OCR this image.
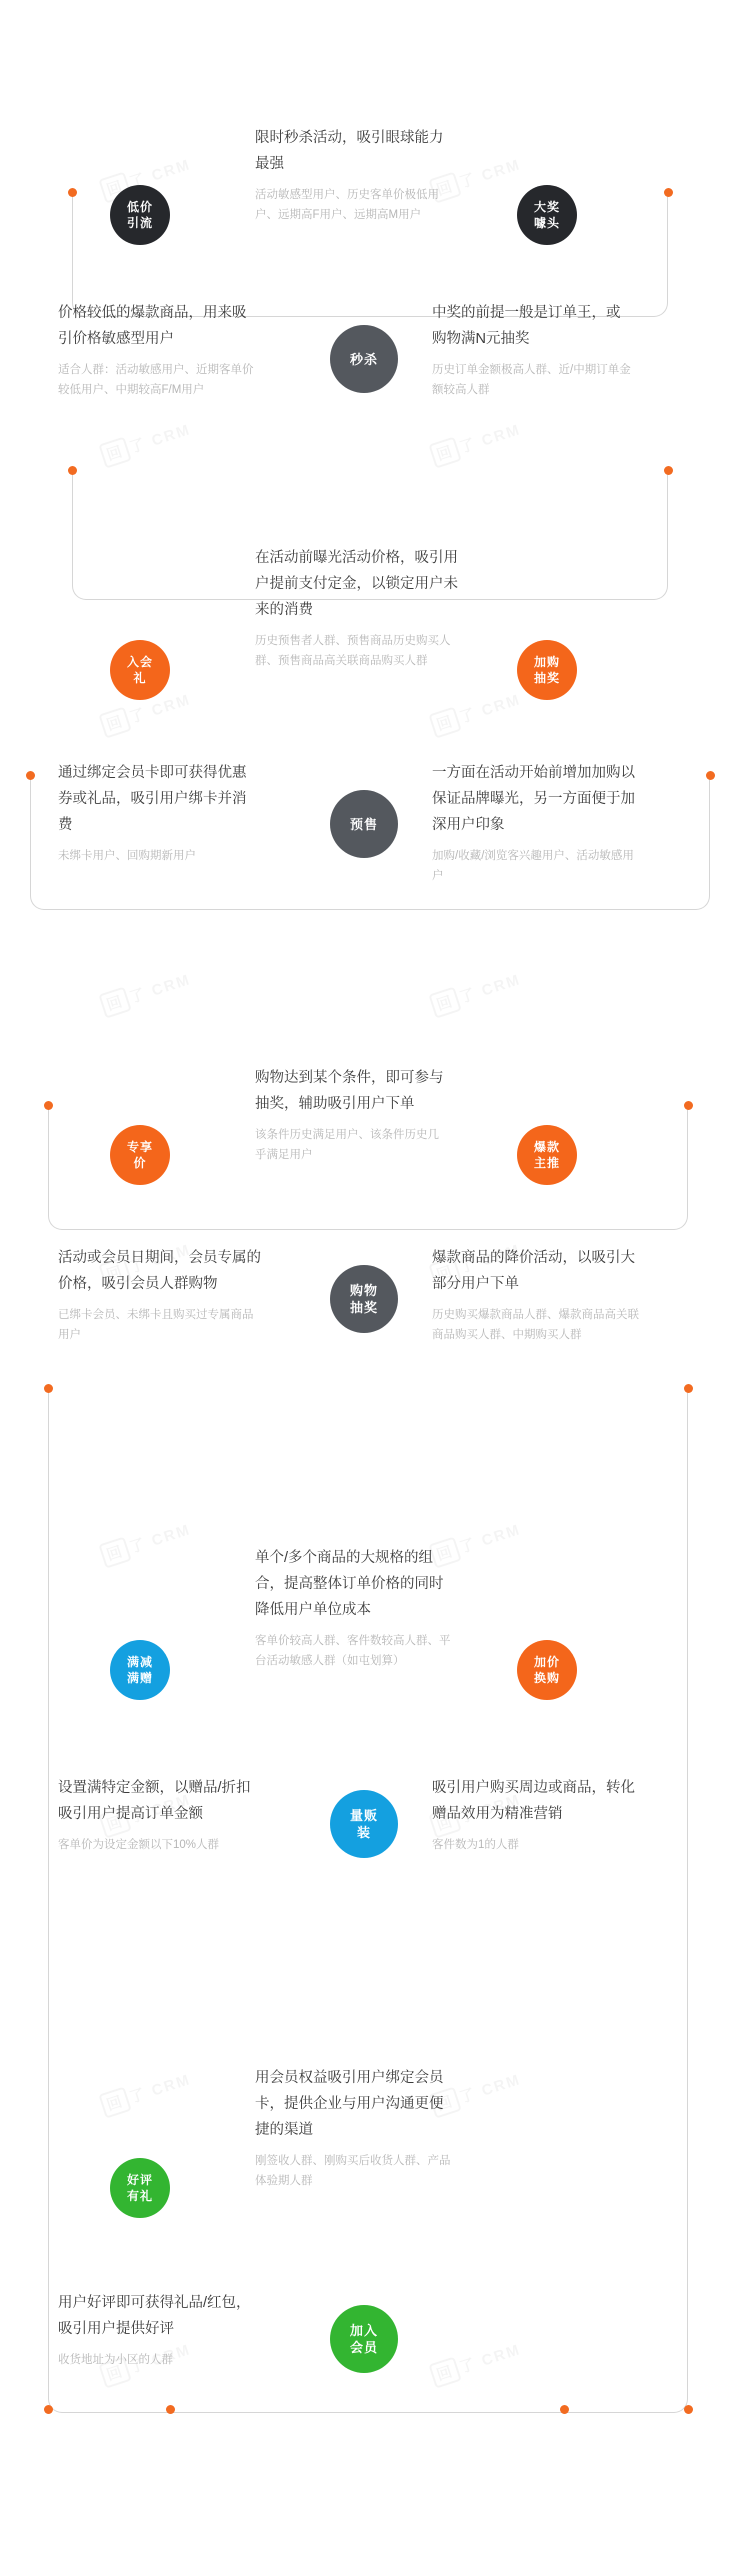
低价
引流
大奖
噱头
秒杀
限时秒杀活动，吸引眼球能力最强
活动敏感型用户、历史客单价极低用户、远期高F用户、远期高M用户
价格较低的爆款商品，用来吸引价格敏感型用户
适合人群：活动敏感用户、近期客单价较低用户、中期较高F/M用户
中奖的前提一般是订单王，或购物满N元抽奖
历史订单金额极高人群、近/中期订单金额较高人群
入会
礼
加购
抽奖
预售
在活动前曝光活动价格，吸引用户提前支付定金，以锁定用户未来的消费
历史预售者人群、预售商品历史购买人群、预售商品高关联商品购买人群
通过绑定会员卡即可获得优惠券或礼品，吸引用户绑卡并消费
未绑卡用户、回购期新用户
一方面在活动开始前增加加购以保证品牌曝光，另一方面便于加深用户印象
加购/收藏/浏览客兴趣用户、活动敏感用户
专享
价
爆款
主推
购物
抽奖
购物达到某个条件，即可参与抽奖，辅助吸引用户下单
该条件历史满足用户、该条件历史几乎满足用户
活动或会员日期间，会员专属的价格，吸引会员人群购物
已绑卡会员、未绑卡且购买过专属商品用户
爆款商品的降价活动，以吸引大部分用户下单
历史购买爆款商品人群、爆款商品高关联商品购买人群、中期购买人群
满减
满赠
加价
换购
量贩
装
单个/多个商品的大规格的组合，提高整体订单价格的同时降低用户单位成本
客单价较高人群、客件数较高人群、平台活动敏感人群（如屯划算）
设置满特定金额，以赠品/折扣吸引用户提高订单金额
客单价为设定金额以下10%人群
吸引用户购买周边或商品，转化赠品效用为精准营销
客件数为1的人群
好评
有礼
加入
会员
用会员权益吸引用户绑定会员卡，提供企业与用户沟通更便捷的渠道
刚签收人群、刚购买后收货人群、产品体验期人群
用户好评即可获得礼品/红包，吸引用户提供好评
收货地址为小区的人群
